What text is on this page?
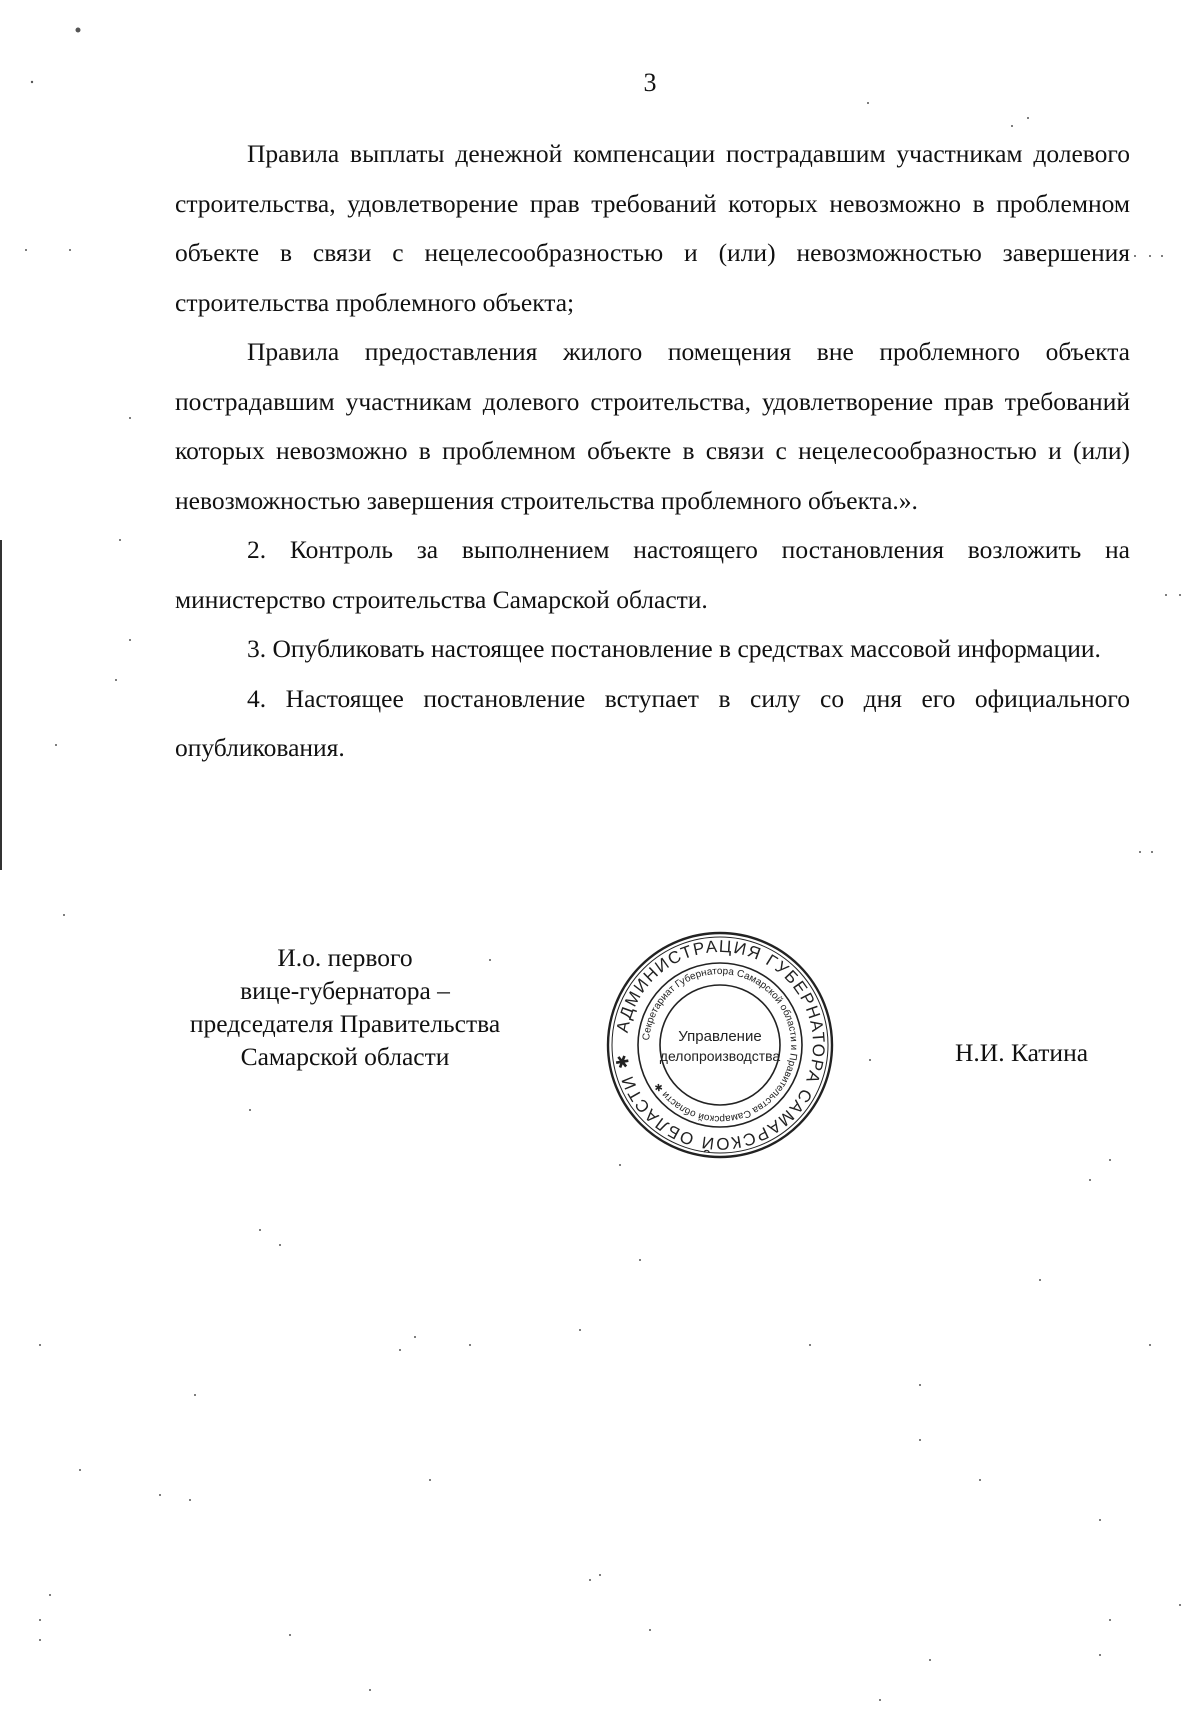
3

Правила выплаты денежной компенсации пострадавшим участникам долевого строительства, удовлетворение прав требований которых невозможно в проблемном объекте в связи с нецелесообразностью и (или) невозможностью завершения строительства проблемного объекта;

Правила предоставления жилого помещения вне проблемного объекта пострадавшим участникам долевого строительства, удовлетворение прав требований которых невозможно в проблемном объекте в связи с нецелесообразностью и (или) невозможностью завершения строительства проблемного объекта.».

2. Контроль за выполнением настоящего постановления возложить на министерство строительства Самарской области.

3. Опубликовать настоящее постановление в средствах массовой информации.

4. Настоящее постановление вступает в силу со дня его официального опубликования.

И.о. первого
вице-губернатора –
председателя Правительства
Самарской области
АДМИНИСТРАЦИЯ ГУБЕРНАТОРА САМАРСКОЙ ОБЛАСТИ ✱
Секретариат Губернатора Самарской области и Правительства Самарской области ✱
Управление
делопроизводства	Н.И. Катина
